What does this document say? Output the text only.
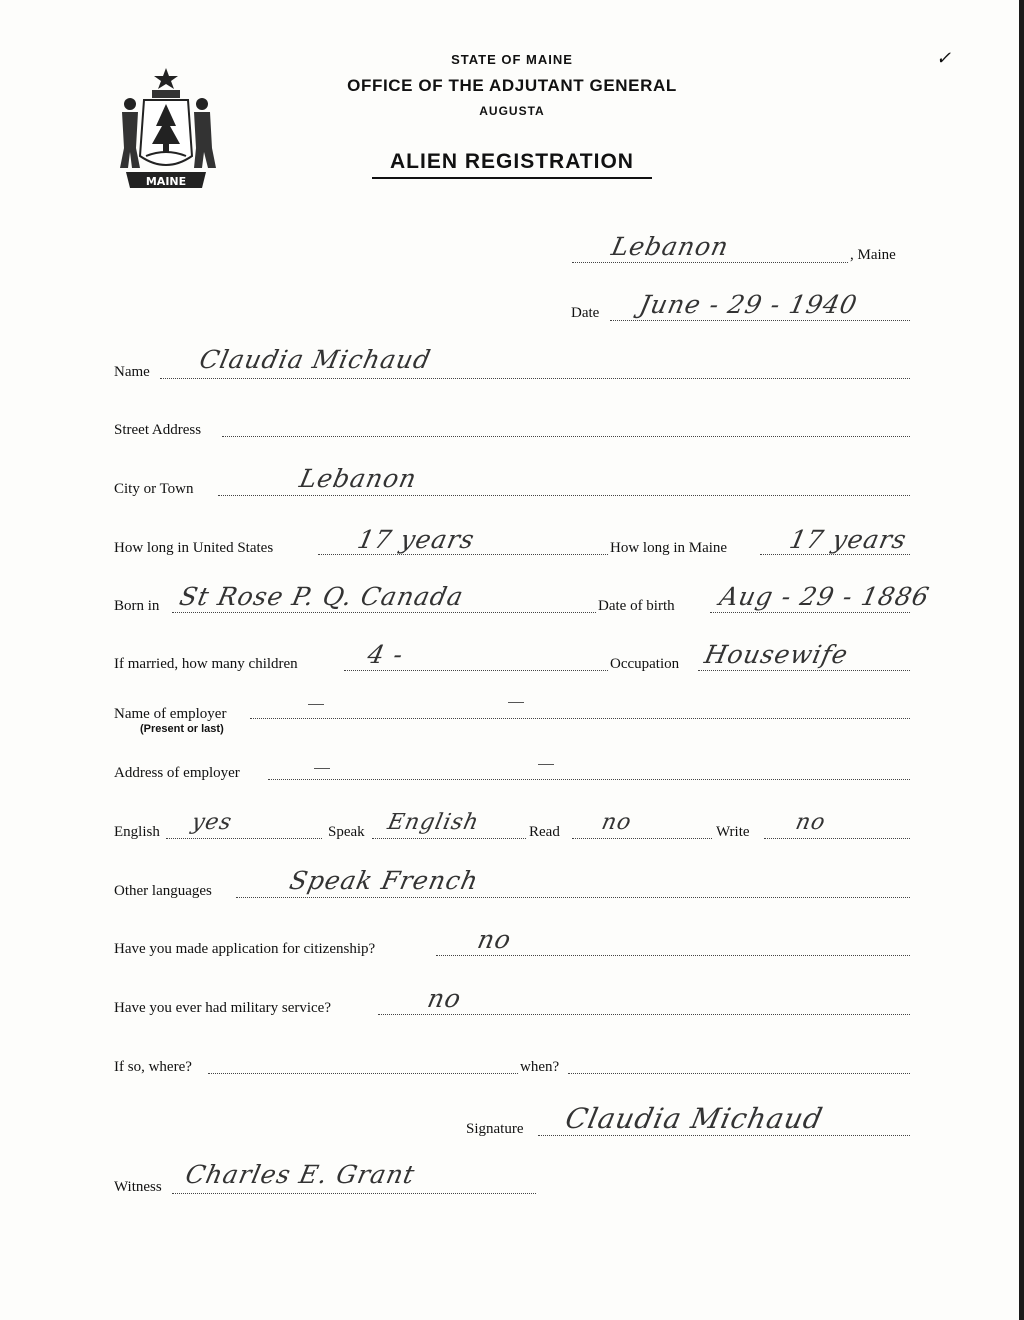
MAINE
✓
STATE OF MAINE
OFFICE OF THE ADJUTANT GENERAL
AUGUSTA
ALIEN REGISTRATION
Lebanon	, Maine
Date June - 29 - 1940
Name Claudia Michaud
Street Address
City or Town	Lebanon
How long in United States	17 years	How long in Maine 17 years
Born in St Rose P. Q. Canada	Date of birth Aug - 29 - 1886
If married, how many children	4 -	Occupation Housewife
Name of employer
(Present or last)
Address of employer
English yes	Speak English	Read no	Write no
Other languages	Speak French
Have you made application for citizenship?	no
Have you ever had military service?	no
If so, where?	when?
Signature Claudia Michaud
Witness Charles E. Grant
